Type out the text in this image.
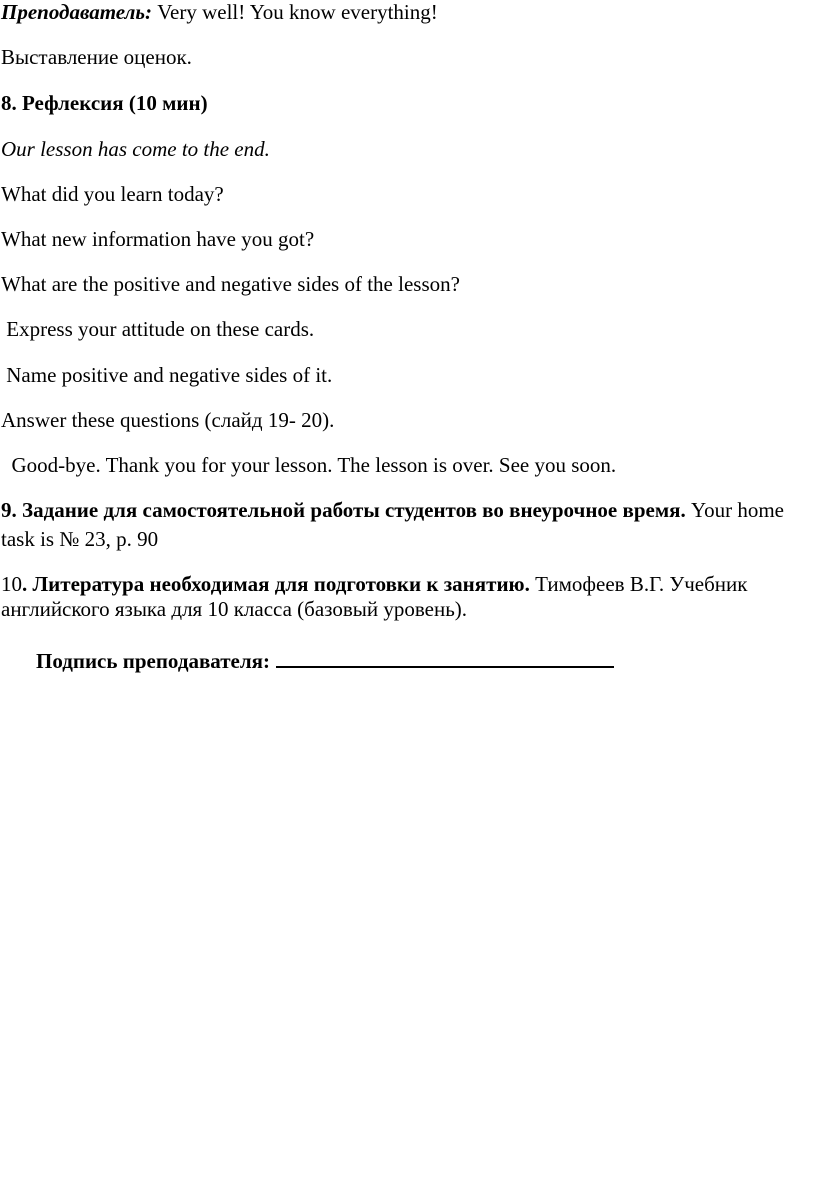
Преподаватель: Very well! You know everything!
Выставление оценок.
8. Рефлексия (10 мин)
Our lesson has come to the end.
What did you learn today?
What new information have you got?
What are the positive and negative sides of the lesson?
Express your attitude on these cards.
Name positive and negative sides of it.
Answer these questions (слайд 19- 20).
Good-bye. Thank you for your lesson. The lesson is over. See you soon.
9. Задание для самостоятельной работы студентов во внеурочное время. Your home
task is № 23, p. 90
10. Литература необходимая для подготовки к занятию. Тимофеев В.Г. Учебник
английского языка для 10 класса (базовый уровень).
Подпись преподавателя:
